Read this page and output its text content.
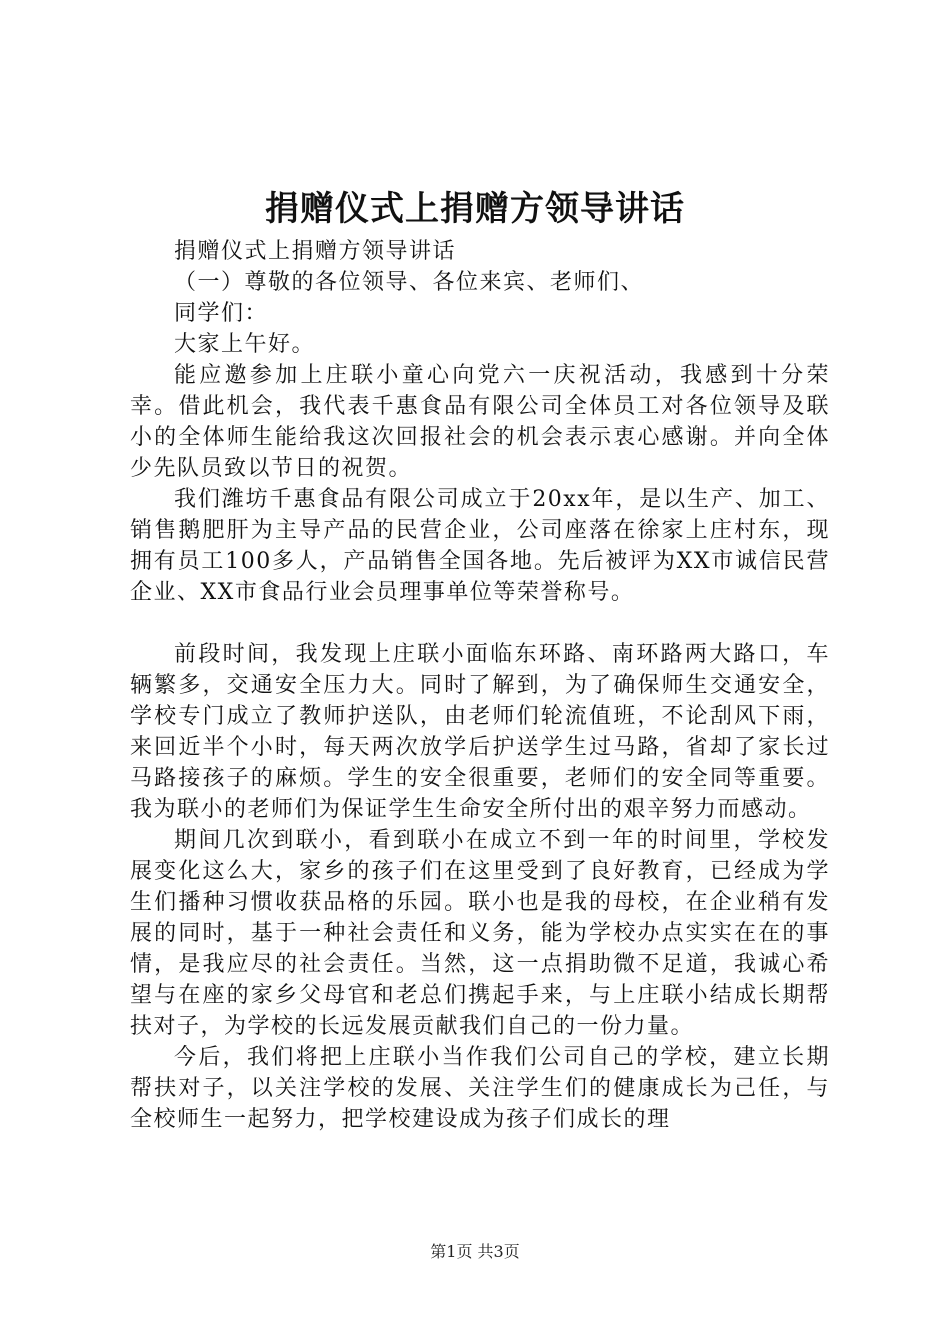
捐赠仪式上捐赠方领导讲话

捐赠仪式上捐赠方领导讲话

（一）尊敬的各位领导、各位来宾、老师们、

同学们：

大家上午好。

能应邀参加上庄联小童心向党六一庆祝活动，我感到十分荣幸。借此机会，我代表千惠食品有限公司全体员工对各位领导及联小的全体师生能给我这次回报社会的机会表示衷心感谢。并向全体少先队员致以节日的祝贺。

我们潍坊千惠食品有限公司成立于20xx年，是以生产、加工、销售鹅肥肝为主导产品的民营企业，公司座落在徐家上庄村东，现拥有员工100多人，产品销售全国各地。先后被评为XX市诚信民营企业、XX市食品行业会员理事单位等荣誉称号。

前段时间，我发现上庄联小面临东环路、南环路两大路口，车辆繁多，交通安全压力大。同时了解到，为了确保师生交通安全，学校专门成立了教师护送队，由老师们轮流值班，不论刮风下雨，来回近半个小时，每天两次放学后护送学生过马路，省却了家长过马路接孩子的麻烦。学生的安全很重要，老师们的安全同等重要。我为联小的老师们为保证学生生命安全所付出的艰辛努力而感动。

期间几次到联小，看到联小在成立不到一年的时间里，学校发展变化这么大，家乡的孩子们在这里受到了良好教育，已经成为学生们播种习惯收获品格的乐园。联小也是我的母校，在企业稍有发展的同时，基于一种社会责任和义务，能为学校办点实实在在的事情，是我应尽的社会责任。当然，这一点捐助微不足道，我诚心希望与在座的家乡父母官和老总们携起手来，与上庄联小结成长期帮扶对子，为学校的长远发展贡献我们自己的一份力量。

今后，我们将把上庄联小当作我们公司自己的学校，建立长期帮扶对子，以关注学校的发展、关注学生们的健康成长为己任，与全校师生一起努力，把学校建设成为孩子们成长的理

第1页 共3页
